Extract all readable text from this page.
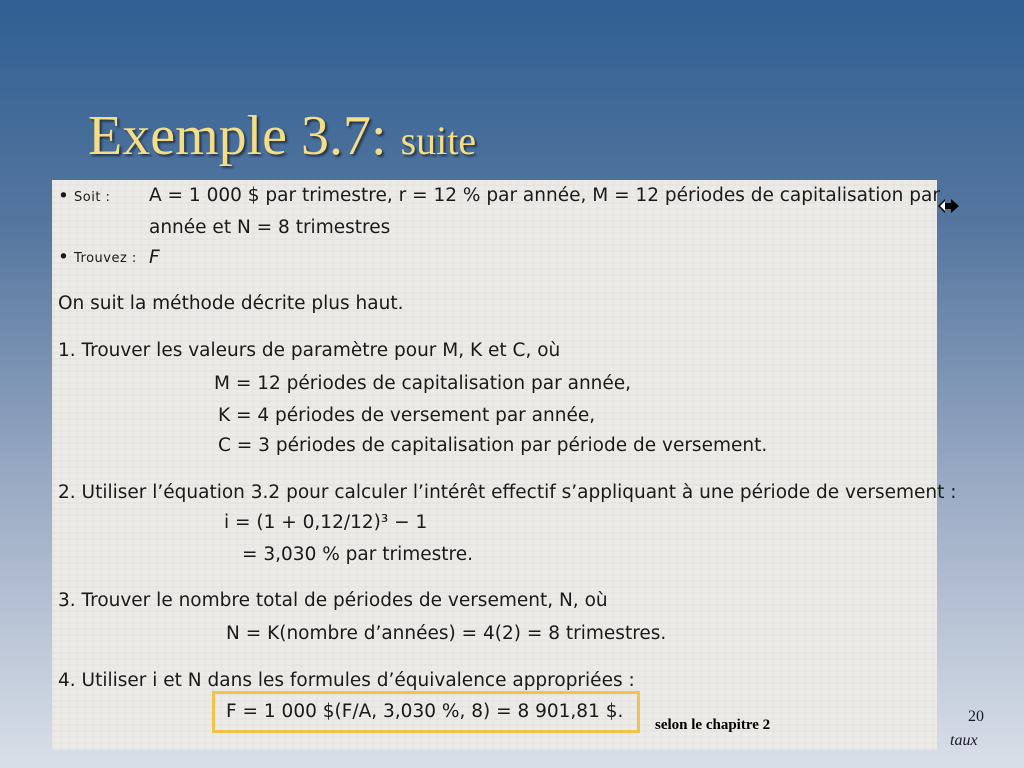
Exemple 3.7: suite
• Soit : A = 1 000 $ par trimestre, r = 12 % par année, M = 12 périodes de capitalisation par
année et N = 8 trimestres
• Trouvez : F
On suit la méthode décrite plus haut.
1. Trouver les valeurs de paramètre pour M, K et C, où
M = 12 périodes de capitalisation par année,
K = 4 périodes de versement par année,
C = 3 périodes de capitalisation par période de versement.
2. Utiliser l’équation 3.2 pour calculer l’intérêt effectif s’appliquant à une période de versement :
i = (1 + 0,12/12)³ − 1
= 3,030 % par trimestre.
3. Trouver le nombre total de périodes de versement, N, où
N = K(nombre d’années) = 4(2) = 8 trimestres.
4. Utiliser i et N dans les formules d’équivalence appropriées :
F = 1 000 $(F/A, 3,030 %, 8) = 8 901,81 $.
selon le chapitre 2	20
taux
